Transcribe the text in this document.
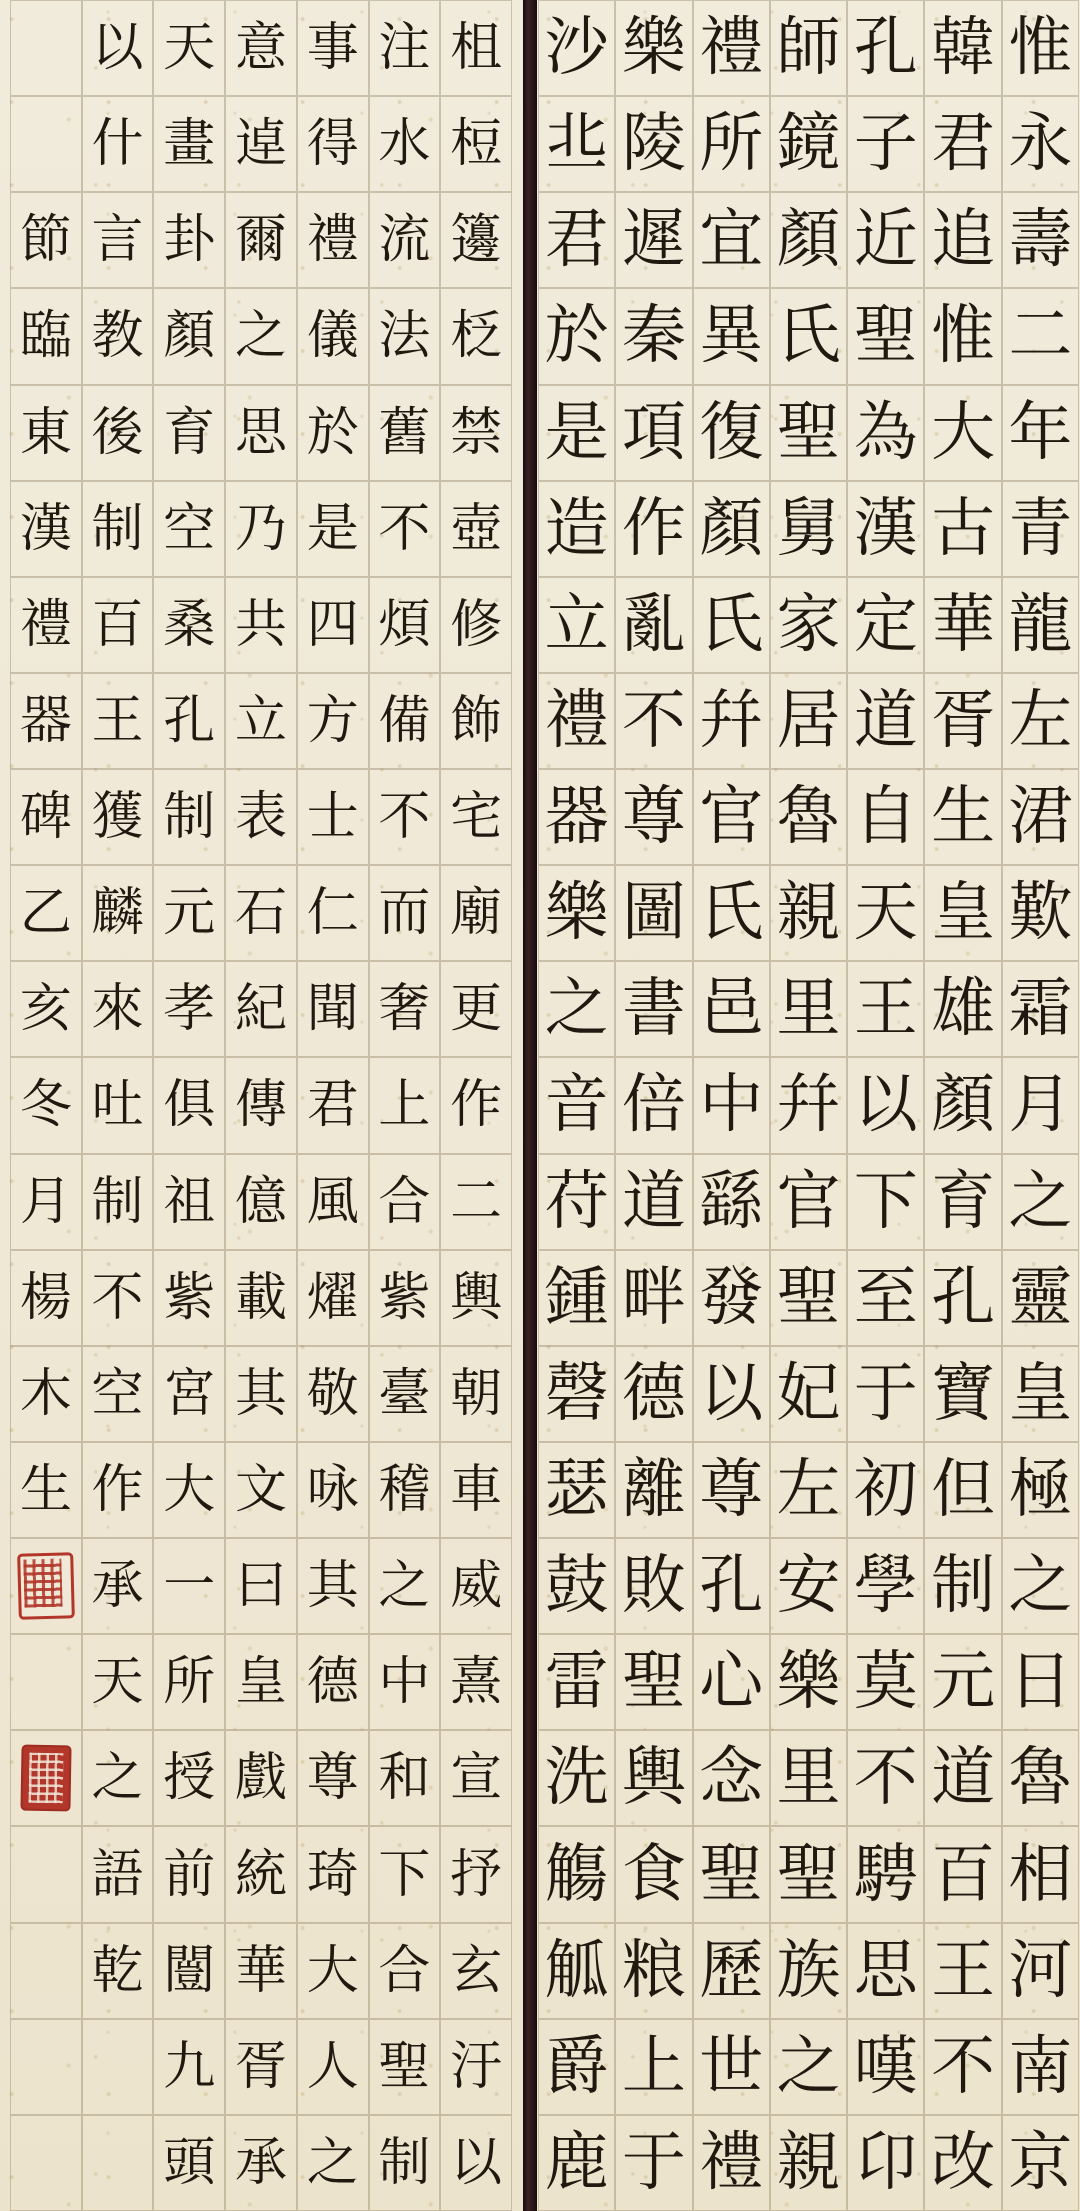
節
臨
東
漢
禮
器
碑
乙
亥
冬
月
楊
木
生
以
什
言
教
後
制
百
王
獲
麟
來
吐
制
不
空
作
承
天
之
語
乾
天
畫
卦
顏
育
空
桑
孔
制
元
孝
俱
祖
紫
宮
大
一
所
授
前
闓
九
頭
意
逴
爾
之
思
乃
共
立
表
石
紀
傳
億
載
其
文
曰
皇
戲
統
華
胥
承
事
得
禮
儀
於
是
四
方
士
仁
聞
君
風
燿
敬
咏
其
德
尊
琦
大
人
之
注
水
流
法
舊
不
煩
備
不
而
奢
上
合
紫
臺
稽
之
中
和
下
合
聖
制
柤
梪
籩
柉
禁
壺
修
飾
宅
廟
更
作
二
輿
朝
車
威
熹
宣
抒
玄
汙
以
沙
丠
君
於
是
造
立
禮
器
樂
之
音
苻
鍾
磬
瑟
鼓
雷
洗
觴
觚
爵
鹿
樂
陵
遲
秦
項
作
亂
不
尊
圖
書
倍
道
畔
德
離
敗
聖
輿
食
粮
上
于
禮
所
宜
異
復
顏
氏
幷
官
氏
邑
中
繇
發
以
尊
孔
心
念
聖
歷
世
禮
師
鏡
顏
氏
聖
舅
家
居
魯
親
里
幷
官
聖
妃
左
安
樂
里
聖
族
之
親
孔
子
近
聖
為
漢
定
道
自
天
王
以
下
至
于
初
學
莫
不
騁
思
嘆
卬
韓
君
追
惟
大
古
華
胥
生
皇
雄
顏
育
孔
寶
但
制
元
道
百
王
不
改
惟
永
壽
二
年
青
龍
左
涒
歎
霜
月
之
靈
皇
極
之
日
魯
相
河
南
京
